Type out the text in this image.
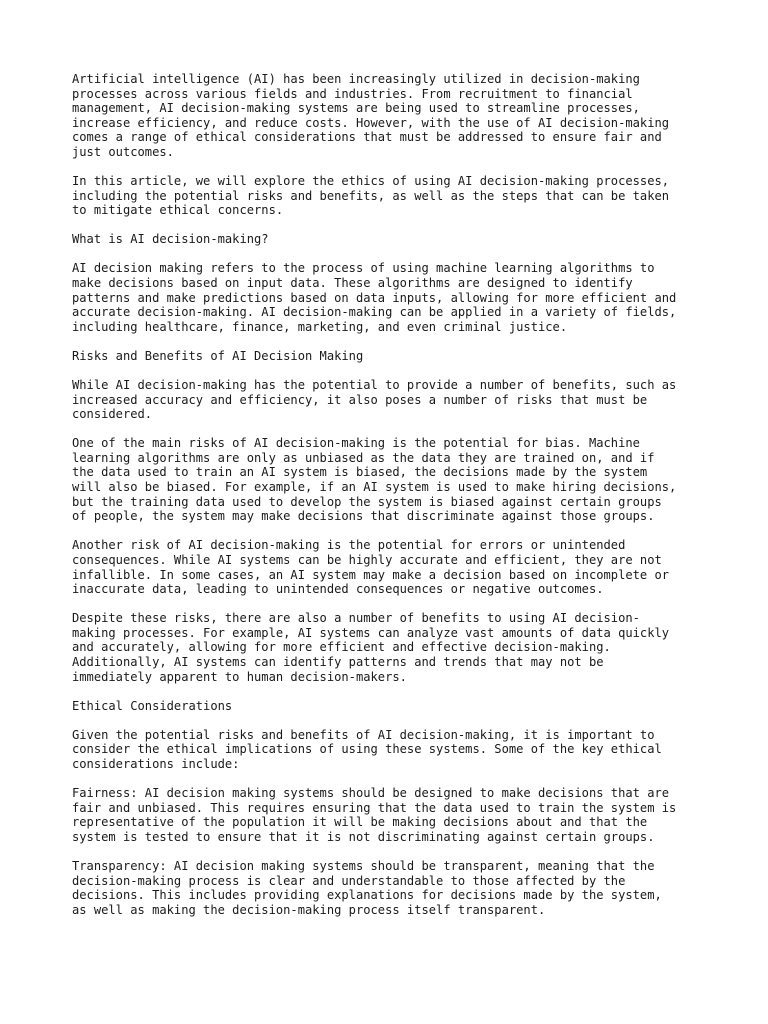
Artificial intelligence (AI) has been increasingly utilized in decision-making
processes across various fields and industries. From recruitment to financial
management, AI decision-making systems are being used to streamline processes,
increase efficiency, and reduce costs. However, with the use of AI decision-making
comes a range of ethical considerations that must be addressed to ensure fair and
just outcomes.

In this article, we will explore the ethics of using AI decision-making processes,
including the potential risks and benefits, as well as the steps that can be taken
to mitigate ethical concerns.

What is AI decision-making?

AI decision making refers to the process of using machine learning algorithms to
make decisions based on input data. These algorithms are designed to identify
patterns and make predictions based on data inputs, allowing for more efficient and
accurate decision-making. AI decision-making can be applied in a variety of fields,
including healthcare, finance, marketing, and even criminal justice.

Risks and Benefits of AI Decision Making

While AI decision-making has the potential to provide a number of benefits, such as
increased accuracy and efficiency, it also poses a number of risks that must be
considered.

One of the main risks of AI decision-making is the potential for bias. Machine
learning algorithms are only as unbiased as the data they are trained on, and if
the data used to train an AI system is biased, the decisions made by the system
will also be biased. For example, if an AI system is used to make hiring decisions,
but the training data used to develop the system is biased against certain groups
of people, the system may make decisions that discriminate against those groups.

Another risk of AI decision-making is the potential for errors or unintended
consequences. While AI systems can be highly accurate and efficient, they are not
infallible. In some cases, an AI system may make a decision based on incomplete or
inaccurate data, leading to unintended consequences or negative outcomes.

Despite these risks, there are also a number of benefits to using AI decision-
making processes. For example, AI systems can analyze vast amounts of data quickly
and accurately, allowing for more efficient and effective decision-making.
Additionally, AI systems can identify patterns and trends that may not be
immediately apparent to human decision-makers.

Ethical Considerations

Given the potential risks and benefits of AI decision-making, it is important to
consider the ethical implications of using these systems. Some of the key ethical
considerations include:

Fairness: AI decision making systems should be designed to make decisions that are
fair and unbiased. This requires ensuring that the data used to train the system is
representative of the population it will be making decisions about and that the
system is tested to ensure that it is not discriminating against certain groups.

Transparency: AI decision making systems should be transparent, meaning that the
decision-making process is clear and understandable to those affected by the
decisions. This includes providing explanations for decisions made by the system,
as well as making the decision-making process itself transparent.
